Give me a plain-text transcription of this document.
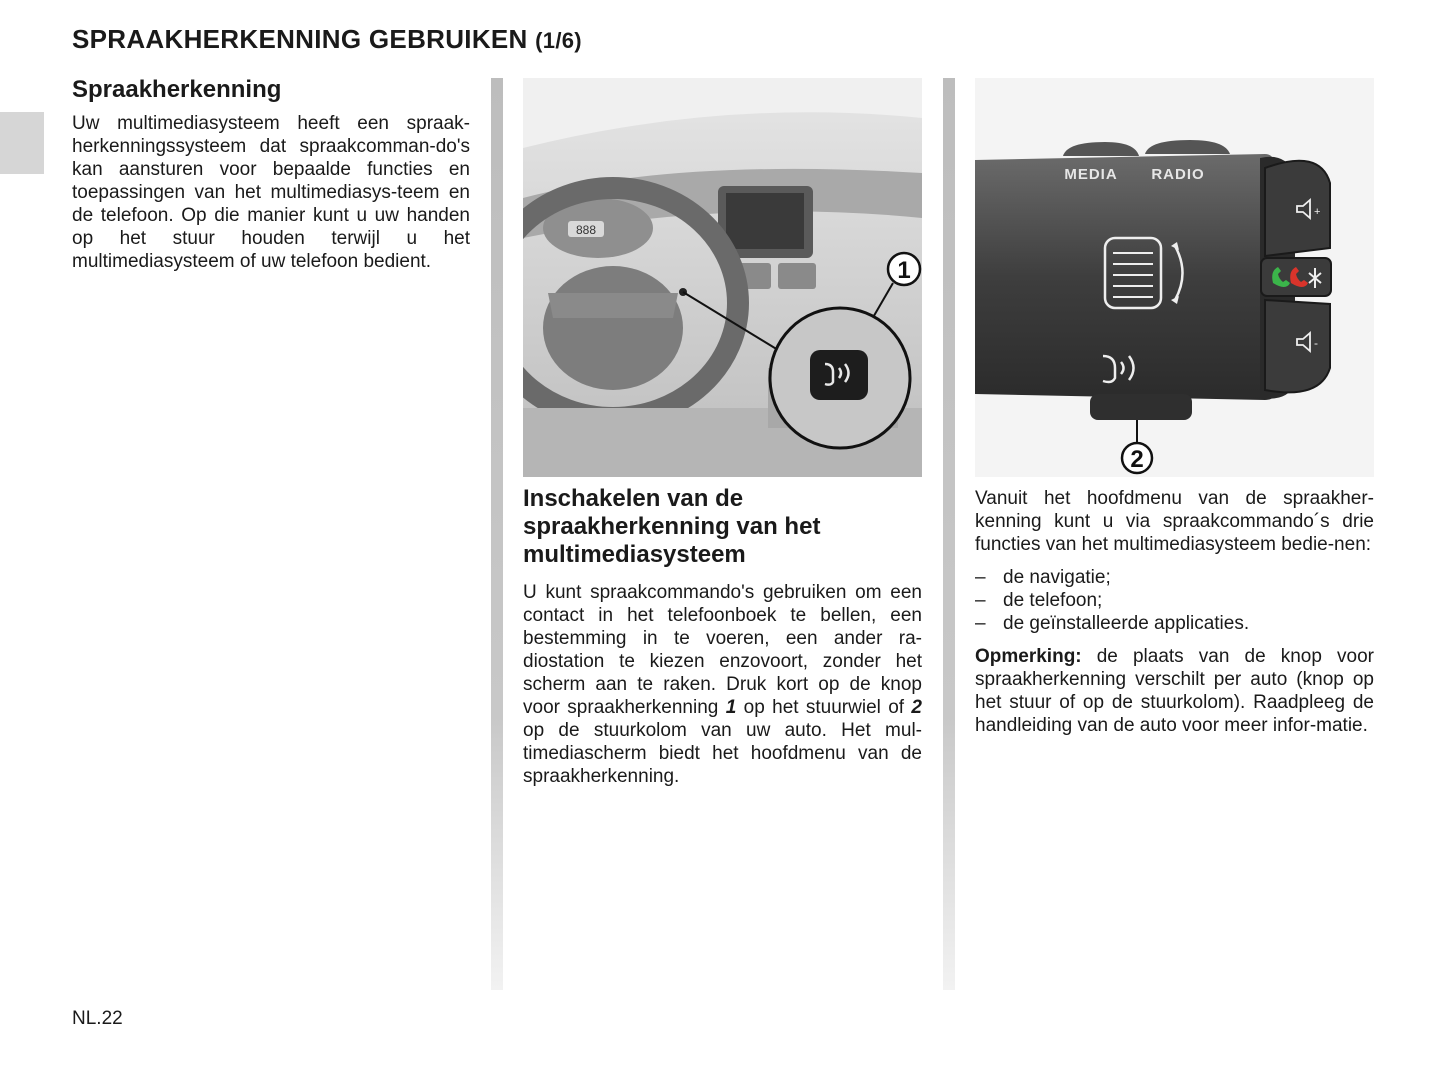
SPRAAKHERKENNING GEBRUIKEN (1/6)
Spraakherkenning

Uw multimediasysteem heeft een spraak-herkenningssysteem dat spraakcomman-do's kan aansturen voor bepaalde functies en toepassingen van het multimediasys-teem en de telefoon. Op die manier kunt u uw handen op het stuur houden terwijl u het multimediasysteem of uw telefoon bedient.

888
1
Inschakelen van de spraakherkenning van het multimediasysteem

U kunt spraakcommando's gebruiken om een contact in het telefoonboek te bellen, een bestemming in te voeren, een ander ra-diostation te kiezen enzovoort, zonder het scherm aan te raken. Druk kort op de knop voor spraakherkenning 1 op het stuurwiel of 2 op de stuurkolom van uw auto. Het mul-timediascherm biedt het hoofdmenu van de spraakherkenning.

+
-
MEDIA RADIO
2

Vanuit het hoofdmenu van de spraakher-kenning kunt u via spraakcommando´s drie functies van het multimediasysteem bedie-nen:

– de navigatie;
– de telefoon;
– de geïnstalleerde applicaties.

Opmerking: de plaats van de knop voor spraakherkenning verschilt per auto (knop op het stuur of op de stuurkolom). Raadpleeg de handleiding van de auto voor meer infor-matie.

NL.22
